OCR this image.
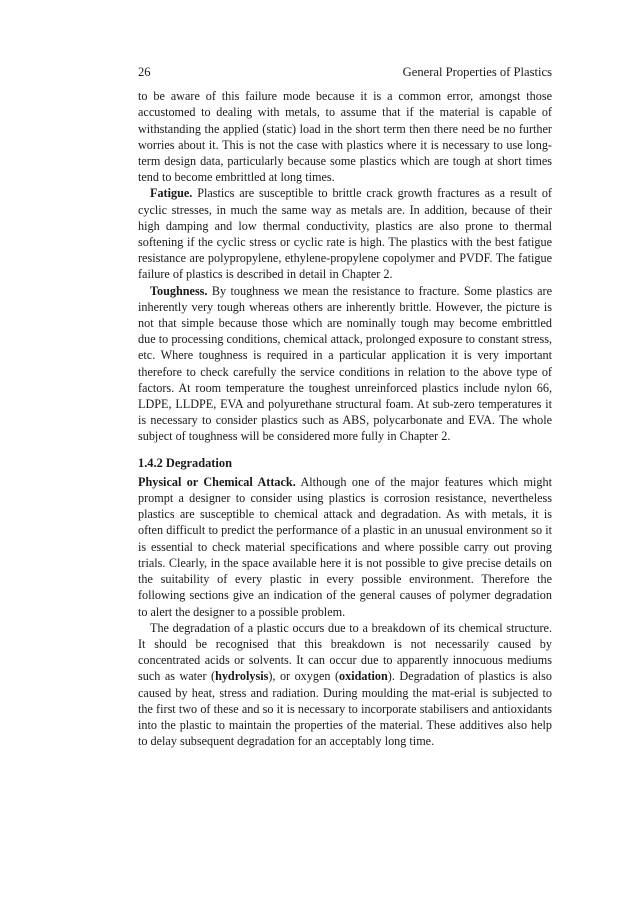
26	General Properties of Plastics

to be aware of this failure mode because it is a common error, amongst those accustomed to dealing with metals, to assume that if the material is capable of withstanding the applied (static) load in the short term then there need be no further worries about it. This is not the case with plastics where it is necessary to use long-term design data, particularly because some plastics which are tough at short times tend to become embrittled at long times.

Fatigue. Plastics are susceptible to brittle crack growth fractures as a result of cyclic stresses, in much the same way as metals are. In addition, because of their high damping and low thermal conductivity, plastics are also prone to thermal softening if the cyclic stress or cyclic rate is high. The plastics with the best fatigue resistance are polypropylene, ethylene-propylene copolymer and PVDF. The fatigue failure of plastics is described in detail in Chapter 2.

Toughness. By toughness we mean the resistance to fracture. Some plastics are inherently very tough whereas others are inherently brittle. However, the picture is not that simple because those which are nominally tough may become embrittled due to processing conditions, chemical attack, prolonged exposure to constant stress, etc. Where toughness is required in a particular application it is very important therefore to check carefully the service conditions in relation to the above type of factors. At room temperature the toughest unreinforced plastics include nylon 66, LDPE, LLDPE, EVA and polyurethane structural foam. At sub-zero temperatures it is necessary to consider plastics such as ABS, polycarbonate and EVA. The whole subject of toughness will be considered more fully in Chapter 2.

1.4.2 Degradation

Physical or Chemical Attack. Although one of the major features which might prompt a designer to consider using plastics is corrosion resistance, nevertheless plastics are susceptible to chemical attack and degradation. As with metals, it is often difficult to predict the performance of a plastic in an unusual environment so it is essential to check material specifications and where possible carry out proving trials. Clearly, in the space available here it is not possible to give precise details on the suitability of every plastic in every possible environment. Therefore the following sections give an indication of the general causes of polymer degradation to alert the designer to a possible problem.

The degradation of a plastic occurs due to a breakdown of its chemical structure. It should be recognised that this breakdown is not necessarily caused by concentrated acids or solvents. It can occur due to apparently innocuous mediums such as water (hydrolysis), or oxygen (oxidation). Degradation of plastics is also caused by heat, stress and radiation. During moulding the mat-erial is subjected to the first two of these and so it is necessary to incorporate stabilisers and antioxidants into the plastic to maintain the properties of the material. These additives also help to delay subsequent degradation for an acceptably long time.
